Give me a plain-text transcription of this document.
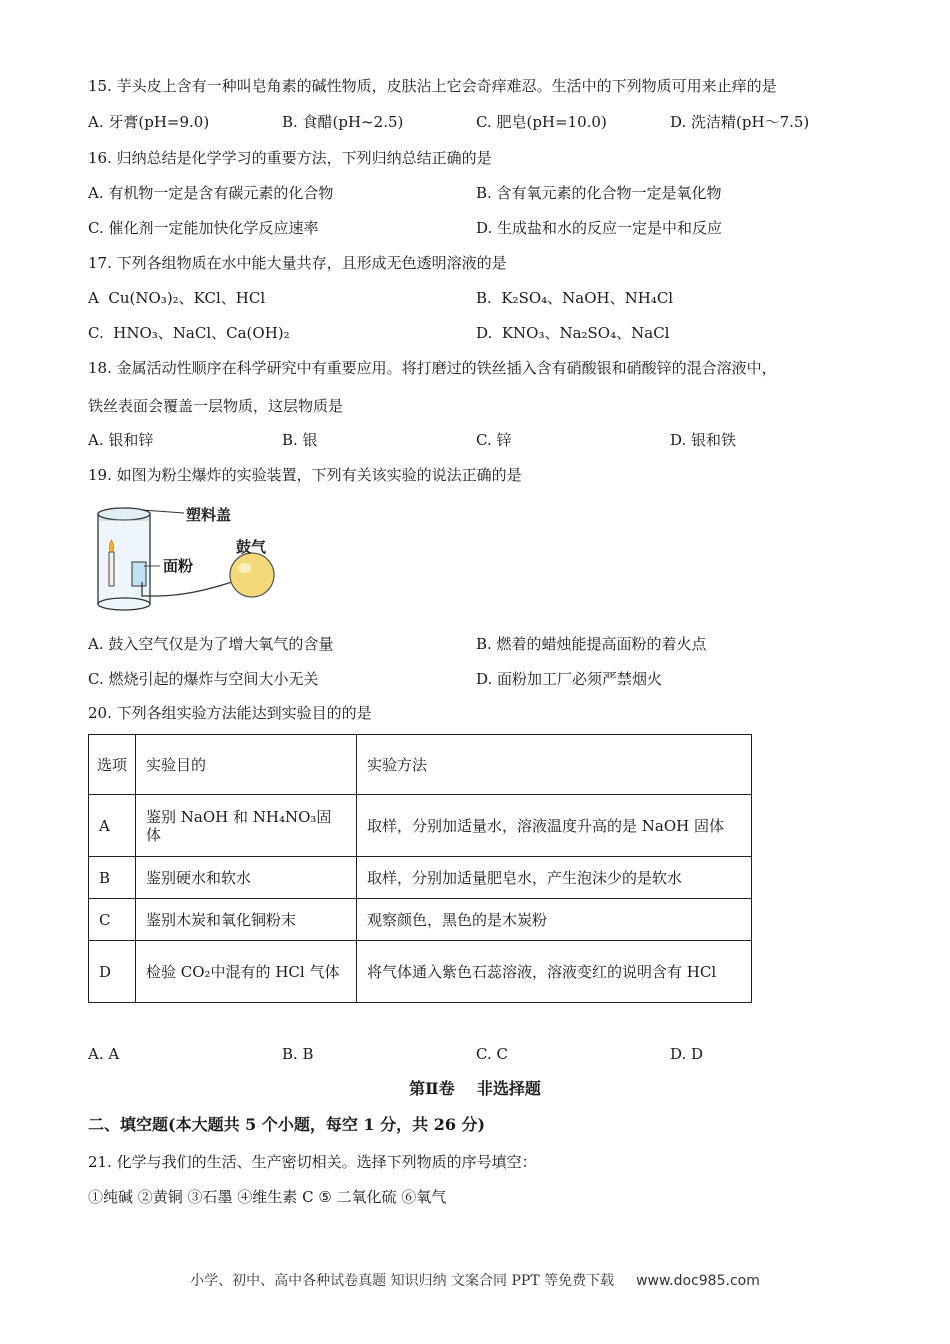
15. 芋头皮上含有一种叫皂角素的碱性物质，皮肤沾上它会奇痒难忍。生活中的下列物质可用来止痒的是
A. 牙膏(pH=9.0)	B. 食醋(pH~2.5)	C. 肥皂(pH=10.0)	D. 洗洁精(pH～7.5)
16. 归纳总结是化学学习的重要方法，下列归纳总结正确的是
A. 有机物一定是含有碳元素的化合物	B. 含有氧元素的化合物一定是氧化物
C. 催化剂一定能加快化学反应速率	D. 生成盐和水的反应一定是中和反应
17. 下列各组物质在水中能大量共存，且形成无色透明溶液的是
A Cu(NO₃)₂、KCl、HCl	B. K₂SO₄、NaOH、NH₄Cl
C. HNO₃、NaCl、Ca(OH)₂	D. KNO₃、Na₂SO₄、NaCl
18. 金属活动性顺序在科学研究中有重要应用。将打磨过的铁丝插入含有硝酸银和硝酸锌的混合溶液中，
铁丝表面会覆盖一层物质，这层物质是
A. 银和锌	B. 银	C. 锌	D. 银和铁
19. 如图为粉尘爆炸的实验装置，下列有关该实验的说法正确的是
塑料盖
面粉
鼓气
A. 鼓入空气仅是为了增大氧气的含量	B. 燃着的蜡烛能提高面粉的着火点
C. 燃烧引起的爆炸与空间大小无关	D. 面粉加工厂必须严禁烟火
20. 下列各组实验方法能达到实验目的的是
选项	实验目的	实验方法
A	鉴别 NaOH 和 NH₄NO₃固体	取样，分别加适量水，溶液温度升高的是 NaOH 固体
B	鉴别硬水和软水	取样，分别加适量肥皂水，产生泡沫少的是软水
C	鉴别木炭和氧化铜粉末	观察颜色，黑色的是木炭粉
D	检验 CO₂中混有的 HCl 气体	将气体通入紫色石蕊溶液，溶液变红的说明含有 HCl
A. A	B. B	C. C	D. D
第Ⅱ卷    非选择题
二、填空题(本大题共 5 个小题，每空 1 分，共 26 分)
21. 化学与我们的生活、生产密切相关。选择下列物质的序号填空：
①纯碱 ②黄铜 ③石墨 ④维生素 C ⑤ 二氧化硫 ⑥氧气
小学、初中、高中各种试卷真题 知识归纳 文案合同 PPT 等免费下载 www.doc985.com
